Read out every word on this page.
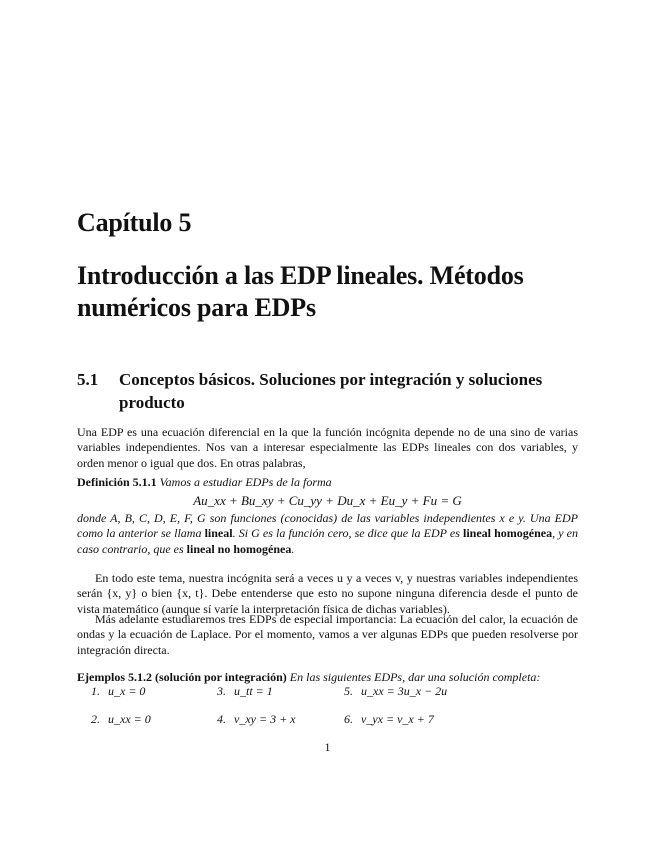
Capítulo 5
Introducción a las EDP lineales. Métodos numéricos para EDPs
5.1 Conceptos básicos. Soluciones por integración y soluciones producto
Una EDP es una ecuación diferencial en la que la función incógnita depende no de una sino de varias variables independientes. Nos van a interesar especialmente las EDPs lineales con dos variables, y orden menor o igual que dos. En otras palabras,
Definición 5.1.1 Vamos a estudiar EDPs de la forma
Au_xx + Bu_xy + Cu_yy + Du_x + Eu_y + Fu = G
donde A, B, C, D, E, F, G son funciones (conocidas) de las variables independientes x e y. Una EDP como la anterior se llama lineal. Si G es la función cero, se dice que la EDP es lineal homogénea, y en caso contrario, que es lineal no homogénea.
En todo este tema, nuestra incógnita será a veces u y a veces v, y nuestras variables independientes serán {x, y} o bien {x, t}. Debe entenderse que esto no supone ninguna diferencia desde el punto de vista matemático (aunque sí varíe la interpretación física de dichas variables).
Más adelante estudiaremos tres EDPs de especial importancia: La ecuación del calor, la ecuación de ondas y la ecuación de Laplace. Por el momento, vamos a ver algunas EDPs que pueden resolverse por integración directa.
Ejemplos 5.1.2 (solución por integración) En las siguientes EDPs, dar una solución completa:
1. u_x = 0
2. u_xx = 0
3. u_tt = 1
4. v_xy = 3 + x
5. u_xx = 3u_x − 2u
6. v_yx = v_x + 7
1
